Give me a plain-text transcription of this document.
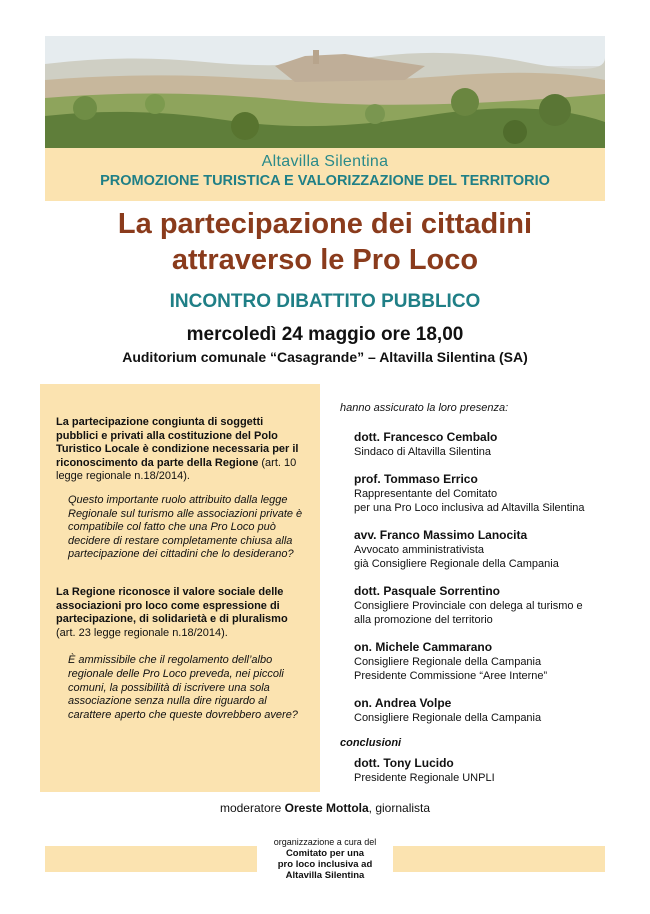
Altavilla Silentina
PROMOZIONE TURISTICA E VALORIZZAZIONE DEL TERRITORIO
La partecipazione dei cittadini
attraverso le Pro Loco
INCONTRO DIBATTITO PUBBLICO
mercoledì 24 maggio ore 18,00
Auditorium comunale “Casagrande” – Altavilla Silentina (SA)

La partecipazione congiunta di soggetti pubblici e privati alla costituzione del Polo Turistico Locale è condizione necessaria per il riconoscimento da parte della Regione (art. 10 legge regionale n.18/2014).

Questo importante ruolo attribuito dalla legge Regionale sul turismo alle associazioni private è compatibile col fatto che una Pro Loco può decidere di restare completamente chiusa alla partecipazione dei cittadini che lo desiderano?

La Regione riconosce il valore sociale delle associazioni pro loco come espressione di partecipazione, di solidarietà e di pluralismo (art. 23 legge regionale n.18/2014).

È ammissibile che il regolamento dell’albo regionale delle Pro Loco preveda, nei piccoli comuni, la possibilità di iscrivere una sola associazione senza nulla dire riguardo al carattere aperto che queste dovrebbero avere?

hanno assicurato la loro presenza:
dott. Francesco Cembalo
Sindaco di Altavilla Silentina
prof. Tommaso Errico
Rappresentante del Comitato
per una Pro Loco inclusiva ad Altavilla Silentina
avv. Franco Massimo Lanocita
Avvocato amministrativista
già Consigliere Regionale della Campania
dott. Pasquale Sorrentino
Consigliere Provinciale con delega al turismo e
alla promozione del territorio
on. Michele Cammarano
Consigliere Regionale della Campania
Presidente Commissione “Aree Interne”
on. Andrea Volpe
Consigliere Regionale della Campania
conclusioni
dott. Tony Lucido
Presidente Regionale UNPLI
moderatore Oreste Mottola, giornalista
organizzazione a cura del
Comitato per una
pro loco inclusiva ad
Altavilla Silentina
